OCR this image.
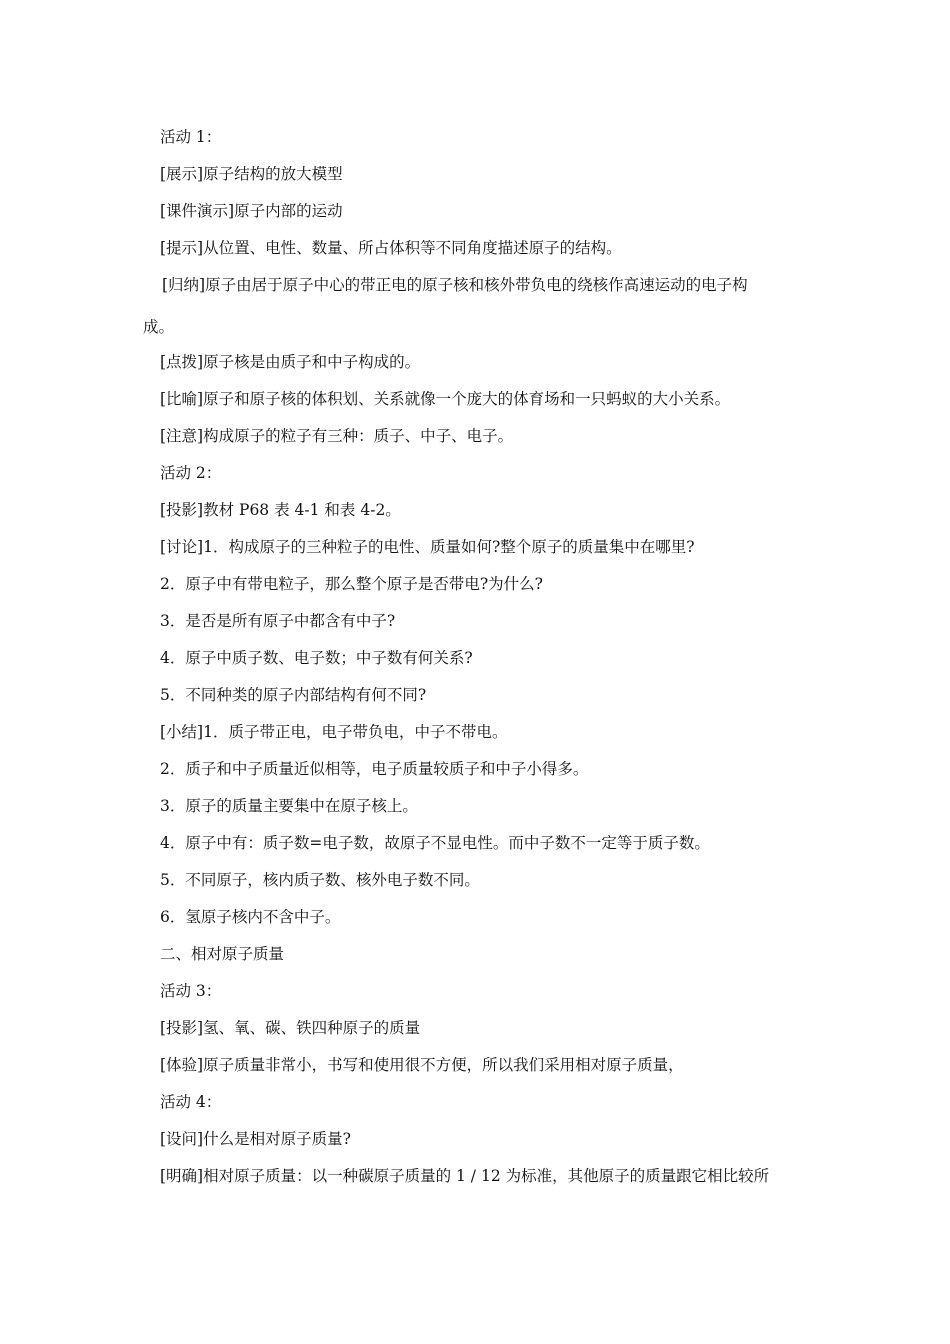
活动 1：
[展示]原子结构的放大模型
[课件演示]原子内部的运动
[提示]从位置、电性、数量、所占体积等不同角度描述原子的结构。
[归纳]原子由居于原子中心的带正电的原子核和核外带负电的绕核作高速运动的电子构
成。
[点拨]原子核是由质子和中子构成的。
[比喻]原子和原子核的体积划、关系就像一个庞大的体育场和一只蚂蚁的大小关系。
[注意]构成原子的粒子有三种：质子、中子、电子。
活动 2：
[投影]教材 P68 表 4-1 和表 4-2。
[讨论]1．构成原子的三种粒子的电性、质量如何?整个原子的质量集中在哪里?
2．原子中有带电粒子，那么整个原子是否带电?为什么?
3．是否是所有原子中都含有中子?
4．原子中质子数、电子数；中子数有何关系?
5．不同种类的原子内部结构有何不同?
[小结]1．质子带正电，电子带负电，中子不带电。
2．质子和中子质量近似相等，电子质量较质子和中子小得多。
3．原子的质量主要集中在原子核上。
4．原子中有：质子数=电子数，故原子不显电性。而中子数不一定等于质子数。
5．不同原子，核内质子数、核外电子数不同。
6．氢原子核内不含中子。
二、相对原子质量
活动 3：
[投影]氢、氧、碳、铁四种原子的质量
[体验]原子质量非常小，书写和使用很不方便，所以我们采用相对原子质量，
活动 4：
[设问]什么是相对原子质量?
[明确]相对原子质量：以一种碳原子质量的 1 / 12 为标准，其他原子的质量跟它相比较所
